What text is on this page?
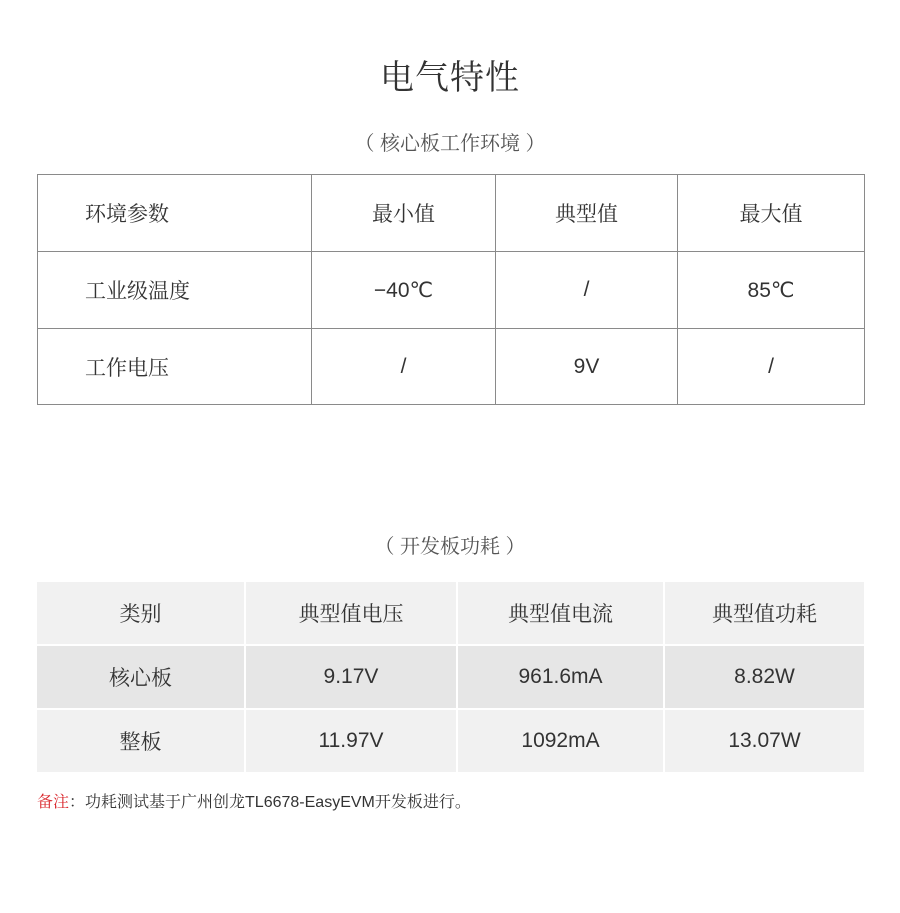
电气特性
（ 核心板工作环境 ）
环境参数	最小值	典型值	最大值
工业级温度	−40℃	/	85℃
工作电压	/	9V	/
（ 开发板功耗 ）
类别	典型值电压	典型值电流	典型值功耗
核心板	9.17V	961.6mA	8.82W
整板	11.97V	1092mA	13.07W
备注：功耗测试基于广州创龙TL6678-EasyEVM开发板进行。
